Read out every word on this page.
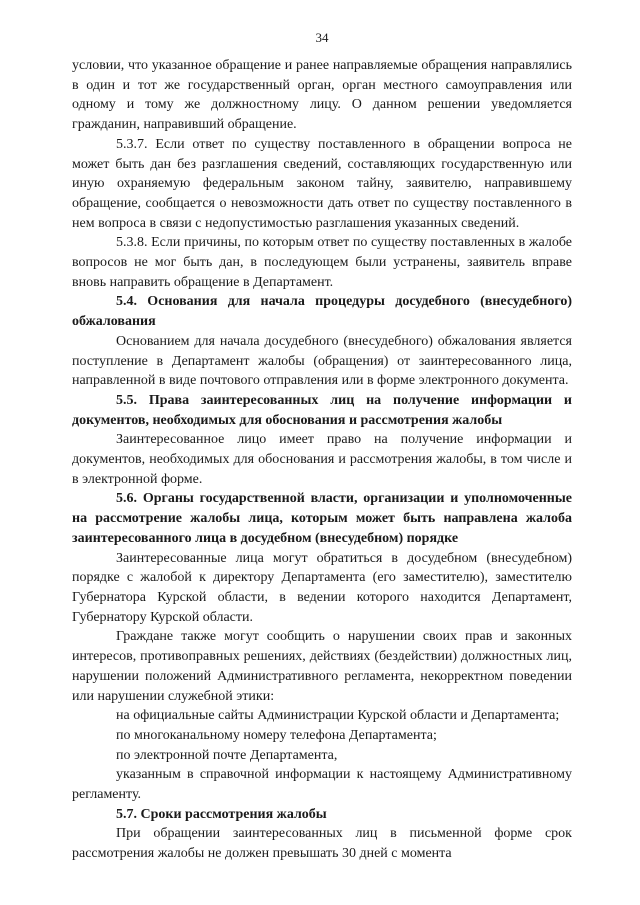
34

условии, что указанное обращение и ранее направляемые обращения направлялись в один и тот же государственный орган, орган местного самоуправления или одному и тому же должностному лицу. О данном решении уведомляется гражданин, направивший обращение.

5.3.7. Если ответ по существу поставленного в обращении вопроса не может быть дан без разглашения сведений, составляющих государственную или иную охраняемую федеральным законом тайну, заявителю, направившему обращение, сообщается о невозможности дать ответ по существу поставленного в нем вопроса в связи с недопустимостью разглашения указанных сведений.

5.3.8. Если причины, по которым ответ по существу поставленных в жалобе вопросов не мог быть дан, в последующем были устранены, заявитель вправе вновь направить обращение в Департамент.

5.4. Основания для начала процедуры досудебного (внесудебного) обжалования

Основанием для начала досудебного (внесудебного) обжалования является поступление в Департамент жалобы (обращения) от заинтересованного лица, направленной в виде почтового отправления или в форме электронного документа.

5.5. Права заинтересованных лиц на получение информации и документов, необходимых для обоснования и рассмотрения жалобы

Заинтересованное лицо имеет право на получение информации и документов, необходимых для обоснования и рассмотрения жалобы, в том числе и в электронной форме.

5.6. Органы государственной власти, организации и уполномоченные на рассмотрение жалобы лица, которым может быть направлена жалоба заинтересованного лица в досудебном (внесудебном) порядке

Заинтересованные лица могут обратиться в досудебном (внесудебном) порядке с жалобой к директору Департамента (его заместителю), заместителю Губернатора Курской области, в ведении которого находится Департамент, Губернатору Курской области.

Граждане также могут сообщить о нарушении своих прав и законных интересов, противоправных решениях, действиях (бездействии) должностных лиц, нарушении положений Административного регламента, некорректном поведении или нарушении служебной этики:

на официальные сайты Администрации Курской области и Департамента;

по многоканальному номеру телефона Департамента;

по электронной почте Департамента,

указанным в справочной информации к настоящему Административному регламенту.

5.7. Сроки рассмотрения жалобы

При обращении заинтересованных лиц в письменной форме срок рассмотрения жалобы не должен превышать 30 дней с момента
